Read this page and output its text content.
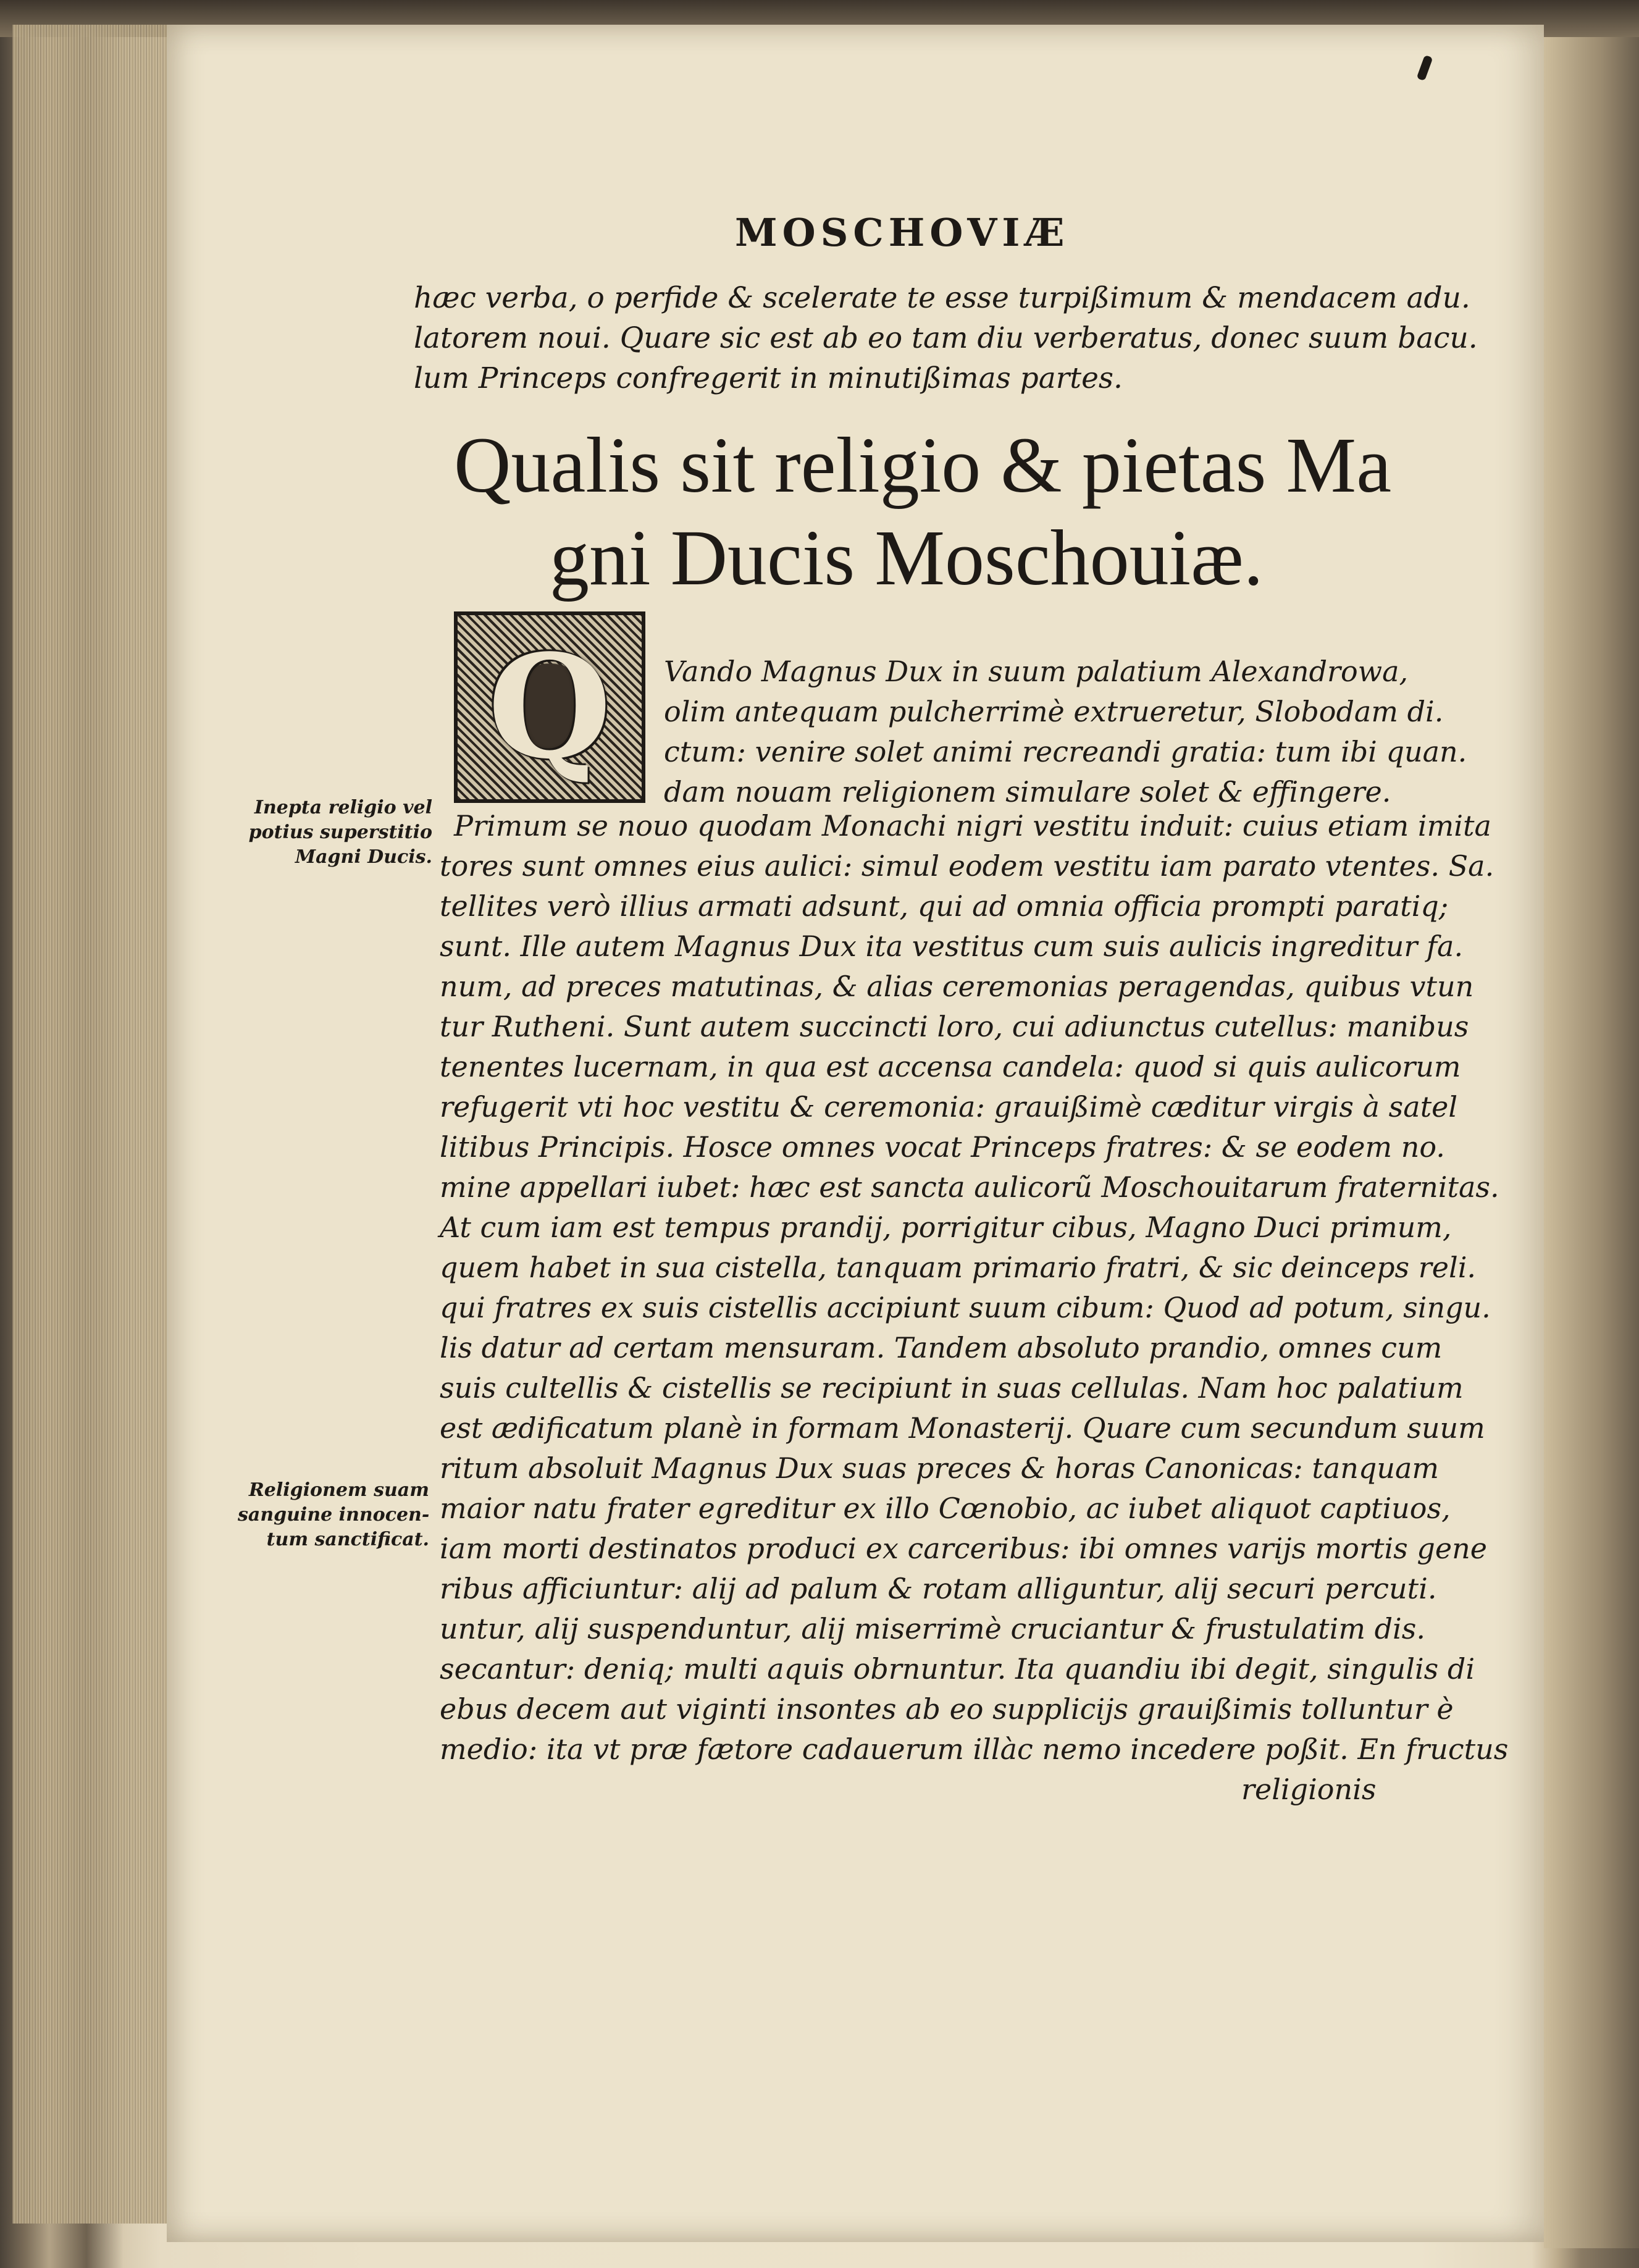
MOSCHOVIÆ
hæc verba, o perfide & scelerate te esse turpißimum & mendacem adu.
latorem noui. Quare sic est ab eo tam diu verberatus, donec suum bacu.
lum Princeps confregerit in minutißimas partes.
Qualis sit religio & pietas Ma
gni Ducis Moschouiæ.
Q	Vando Magnus Dux in suum palatium Alexandrowa,
olim antequam pulcherrimè extrueretur, Slobodam di.
ctum: venire solet animi recreandi gratia: tum ibi quan.
dam nouam religionem simulare solet & effingere.
Primum se nouo quodam Monachi nigri vestitu induit: cuius etiam imita
tores sunt omnes eius aulici: simul eodem vestitu iam parato vtentes. Sa.
tellites verò illius armati adsunt, qui ad omnia officia prompti paratiq;
sunt. Ille autem Magnus Dux ita vestitus cum suis aulicis ingreditur fa.
num, ad preces matutinas, & alias ceremonias peragendas, quibus vtun
tur Rutheni. Sunt autem succincti loro, cui adiunctus cutellus: manibus
tenentes lucernam, in qua est accensa candela: quod si quis aulicorum
refugerit vti hoc vestitu & ceremonia: grauißimè cæditur virgis à satel
litibus Principis. Hosce omnes vocat Princeps fratres: & se eodem no.
mine appellari iubet: hæc est sancta aulicorũ Moschouitarum fraternitas.
At cum iam est tempus prandij, porrigitur cibus, Magno Duci primum,
quem habet in sua cistella, tanquam primario fratri, & sic deinceps reli.
qui fratres ex suis cistellis accipiunt suum cibum: Quod ad potum, singu.
lis datur ad certam mensuram. Tandem absoluto prandio, omnes cum
suis cultellis & cistellis se recipiunt in suas cellulas. Nam hoc palatium
est ædificatum planè in formam Monasterij. Quare cum secundum suum
ritum absoluit Magnus Dux suas preces & horas Canonicas: tanquam
maior natu frater egreditur ex illo Cœnobio, ac iubet aliquot captiuos,
iam morti destinatos produci ex carceribus: ibi omnes varijs mortis gene
ribus afficiuntur: alij ad palum & rotam alliguntur, alij securi percuti.
untur, alij suspenduntur, alij miserrimè cruciantur & frustulatim dis.
secantur: deniq; multi aquis obrnuntur. Ita quandiu ibi degit, singulis di
ebus decem aut viginti insontes ab eo supplicijs grauißimis tolluntur è
medio: ita vt præ fætore cadauerum illàc nemo incedere poßit. En fructus
religionis
Inepta religio vel
potius superstitio
Magni Ducis.
Religionem suam
sanguine innocen-
tum sanctificat.
